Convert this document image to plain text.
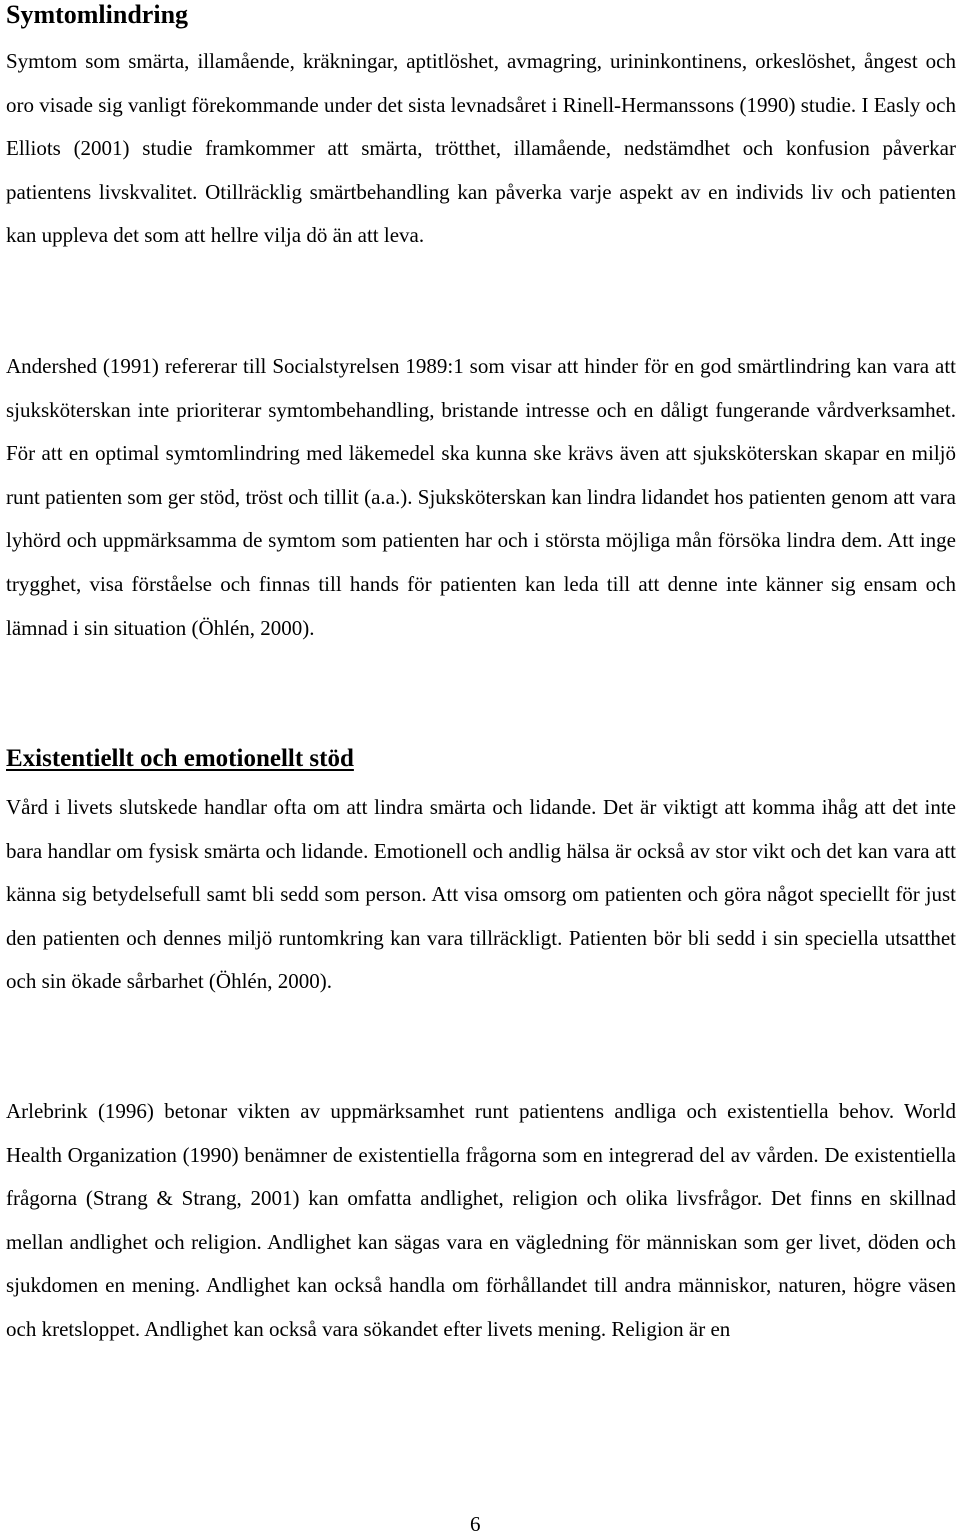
Symtomlindring

Symtom som smärta, illamående, kräkningar, aptitlöshet, avmagring, urininkontinens, orkeslöshet, ångest och oro visade sig vanligt förekommande under det sista levnadsåret i Rinell-Hermanssons (1990) studie. I Easly och Elliots (2001) studie framkommer att smärta, trötthet, illamående, nedstämdhet och konfusion påverkar patientens livskvalitet. Otillräcklig smärtbehandling kan påverka varje aspekt av en individs liv och patienten kan uppleva det som att hellre vilja dö än att leva.

Andershed (1991) refererar till Socialstyrelsen 1989:1 som visar att hinder för en god smärtlindring kan vara att sjuksköterskan inte prioriterar symtombehandling, bristande intresse och en dåligt fungerande vårdverksamhet. För att en optimal symtomlindring med läkemedel ska kunna ske krävs även att sjuksköterskan skapar en miljö runt patienten som ger stöd, tröst och tillit (a.a.). Sjuksköterskan kan lindra lidandet hos patienten genom att vara lyhörd och uppmärksamma de symtom som patienten har och i största möjliga mån försöka lindra dem. Att inge trygghet, visa förståelse och finnas till hands för patienten kan leda till att denne inte känner sig ensam och lämnad i sin situation (Öhlén, 2000).

Existentiellt och emotionellt stöd

Vård i livets slutskede handlar ofta om att lindra smärta och lidande. Det är viktigt att komma ihåg att det inte bara handlar om fysisk smärta och lidande. Emotionell och andlig hälsa är också av stor vikt och det kan vara att känna sig betydelsefull samt bli sedd som person. Att visa omsorg om patienten och göra något speciellt för just den patienten och dennes miljö runtomkring kan vara tillräckligt. Patienten bör bli sedd i sin speciella utsatthet och sin ökade sårbarhet (Öhlén, 2000).

Arlebrink (1996) betonar vikten av uppmärksamhet runt patientens andliga och existentiella behov. World Health Organization (1990) benämner de existentiella frågorna som en integrerad del av vården. De existentiella frågorna (Strang & Strang, 2001) kan omfatta andlighet, religion och olika livsfrågor. Det finns en skillnad mellan andlighet och religion. Andlighet kan sägas vara en vägledning för människan som ger livet, döden och sjukdomen en mening. Andlighet kan också handla om förhållandet till andra människor, naturen, högre väsen och kretsloppet. Andlighet kan också vara sökandet efter livets mening. Religion är en

6
